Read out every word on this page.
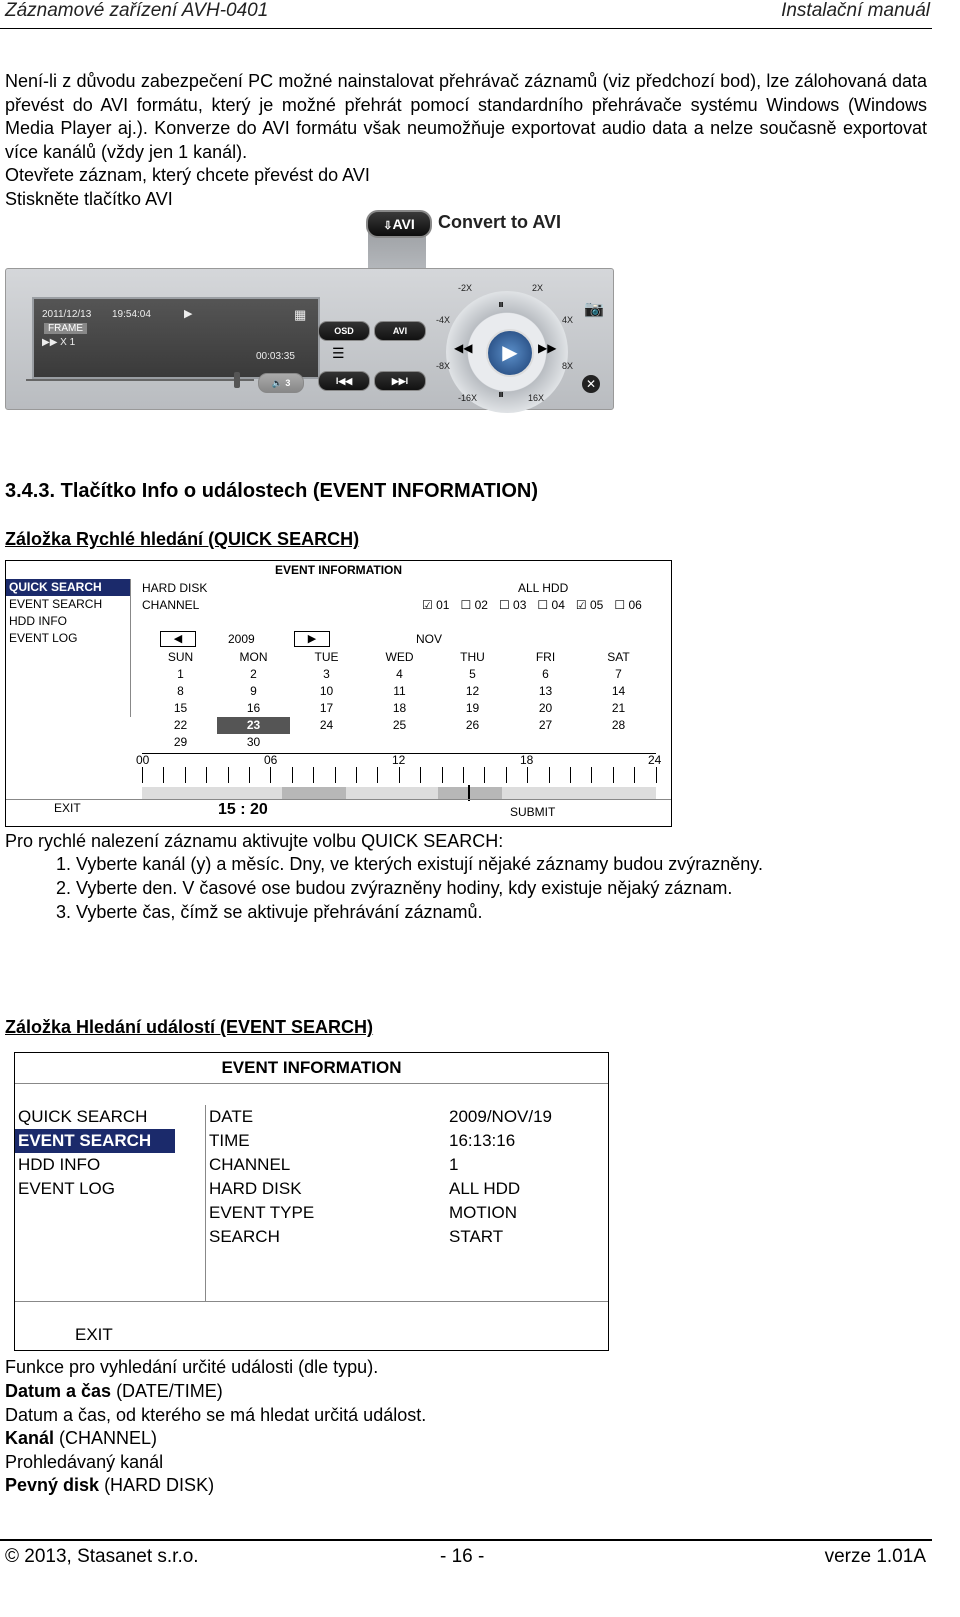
Záznamové zařízení AVH-0401	Instalační manuál
Není-li z důvodu zabezpečení PC možné nainstalovat přehrávač záznamů (viz předchozí bod), lze zálohovaná data převést do AVI formátu, který je možné přehrát pomocí standardního přehrávače systému Windows (Windows Media Player aj.). Konverze do AVI formátu však neumožňuje exportovat audio data a nelze současně exportovat více kanálů (vždy jen 1 kanál).
Otevřete záznam, který chcete převést do AVI
Stiskněte tlačítko AVI
⇩AVI	Convert to AVI
2011/12/13 19:54:04	▶	▦
FRAME
▶▶ X 1
00:03:35
OSD	AVI
☰
🔈 3	I◀◀	▶▶I
▶
⏸
⏸
◀◀	▶▶
-2X	2X
-4X	4X
-8X	8X
-16X	16X
📷
✕
3.4.3. Tlačítko Info o událostech (EVENT INFORMATION)
Záložka Rychlé hledání (QUICK SEARCH)
EVENT INFORMATION
QUICK SEARCH
EVENT SEARCH
HDD INFO
EVENT LOG
HARD DISK	ALL HDD
CHANNEL	☑ 01 ☐ 02 ☐ 03 ☐ 04 ☑ 05 ☐ 06
◀	2009	▶	NOV
SUN	MON	TUE	WED	THU	FRI	SAT
1	2	3	4	5	6	7
8	9	10	11	12	13	14
15	16	17	18	19	20	21
22	23	24	25	26	27	28
29	30
00	06	12	18	24
EXIT	15 : 20	SUBMIT
Pro rychlé nalezení záznamu aktivujte volbu QUICK SEARCH:
1. Vyberte kanál (y) a měsíc. Dny, ve kterých existují nějaké záznamy budou zvýrazněny.
2. Vyberte den. V časové ose budou zvýrazněny hodiny, kdy existuje nějaký záznam.
3. Vyberte čas, čímž se aktivuje přehrávání záznamů.
Záložka Hledání událostí (EVENT SEARCH)
EVENT INFORMATION
QUICK SEARCH
EVENT SEARCH
HDD INFO
EVENT LOG
DATE	2009/NOV/19
TIME	16:13:16
CHANNEL	1
HARD DISK	ALL HDD
EVENT TYPE	MOTION
SEARCH	START
EXIT
Funkce pro vyhledání určité události (dle typu).
Datum a čas (DATE/TIME)
Datum a čas, od kterého se má hledat určitá událost.
Kanál (CHANNEL)
Prohledávaný kanál
Pevný disk (HARD DISK)
© 2013, Stasanet s.r.o.	- 16 -	verze 1.01A
